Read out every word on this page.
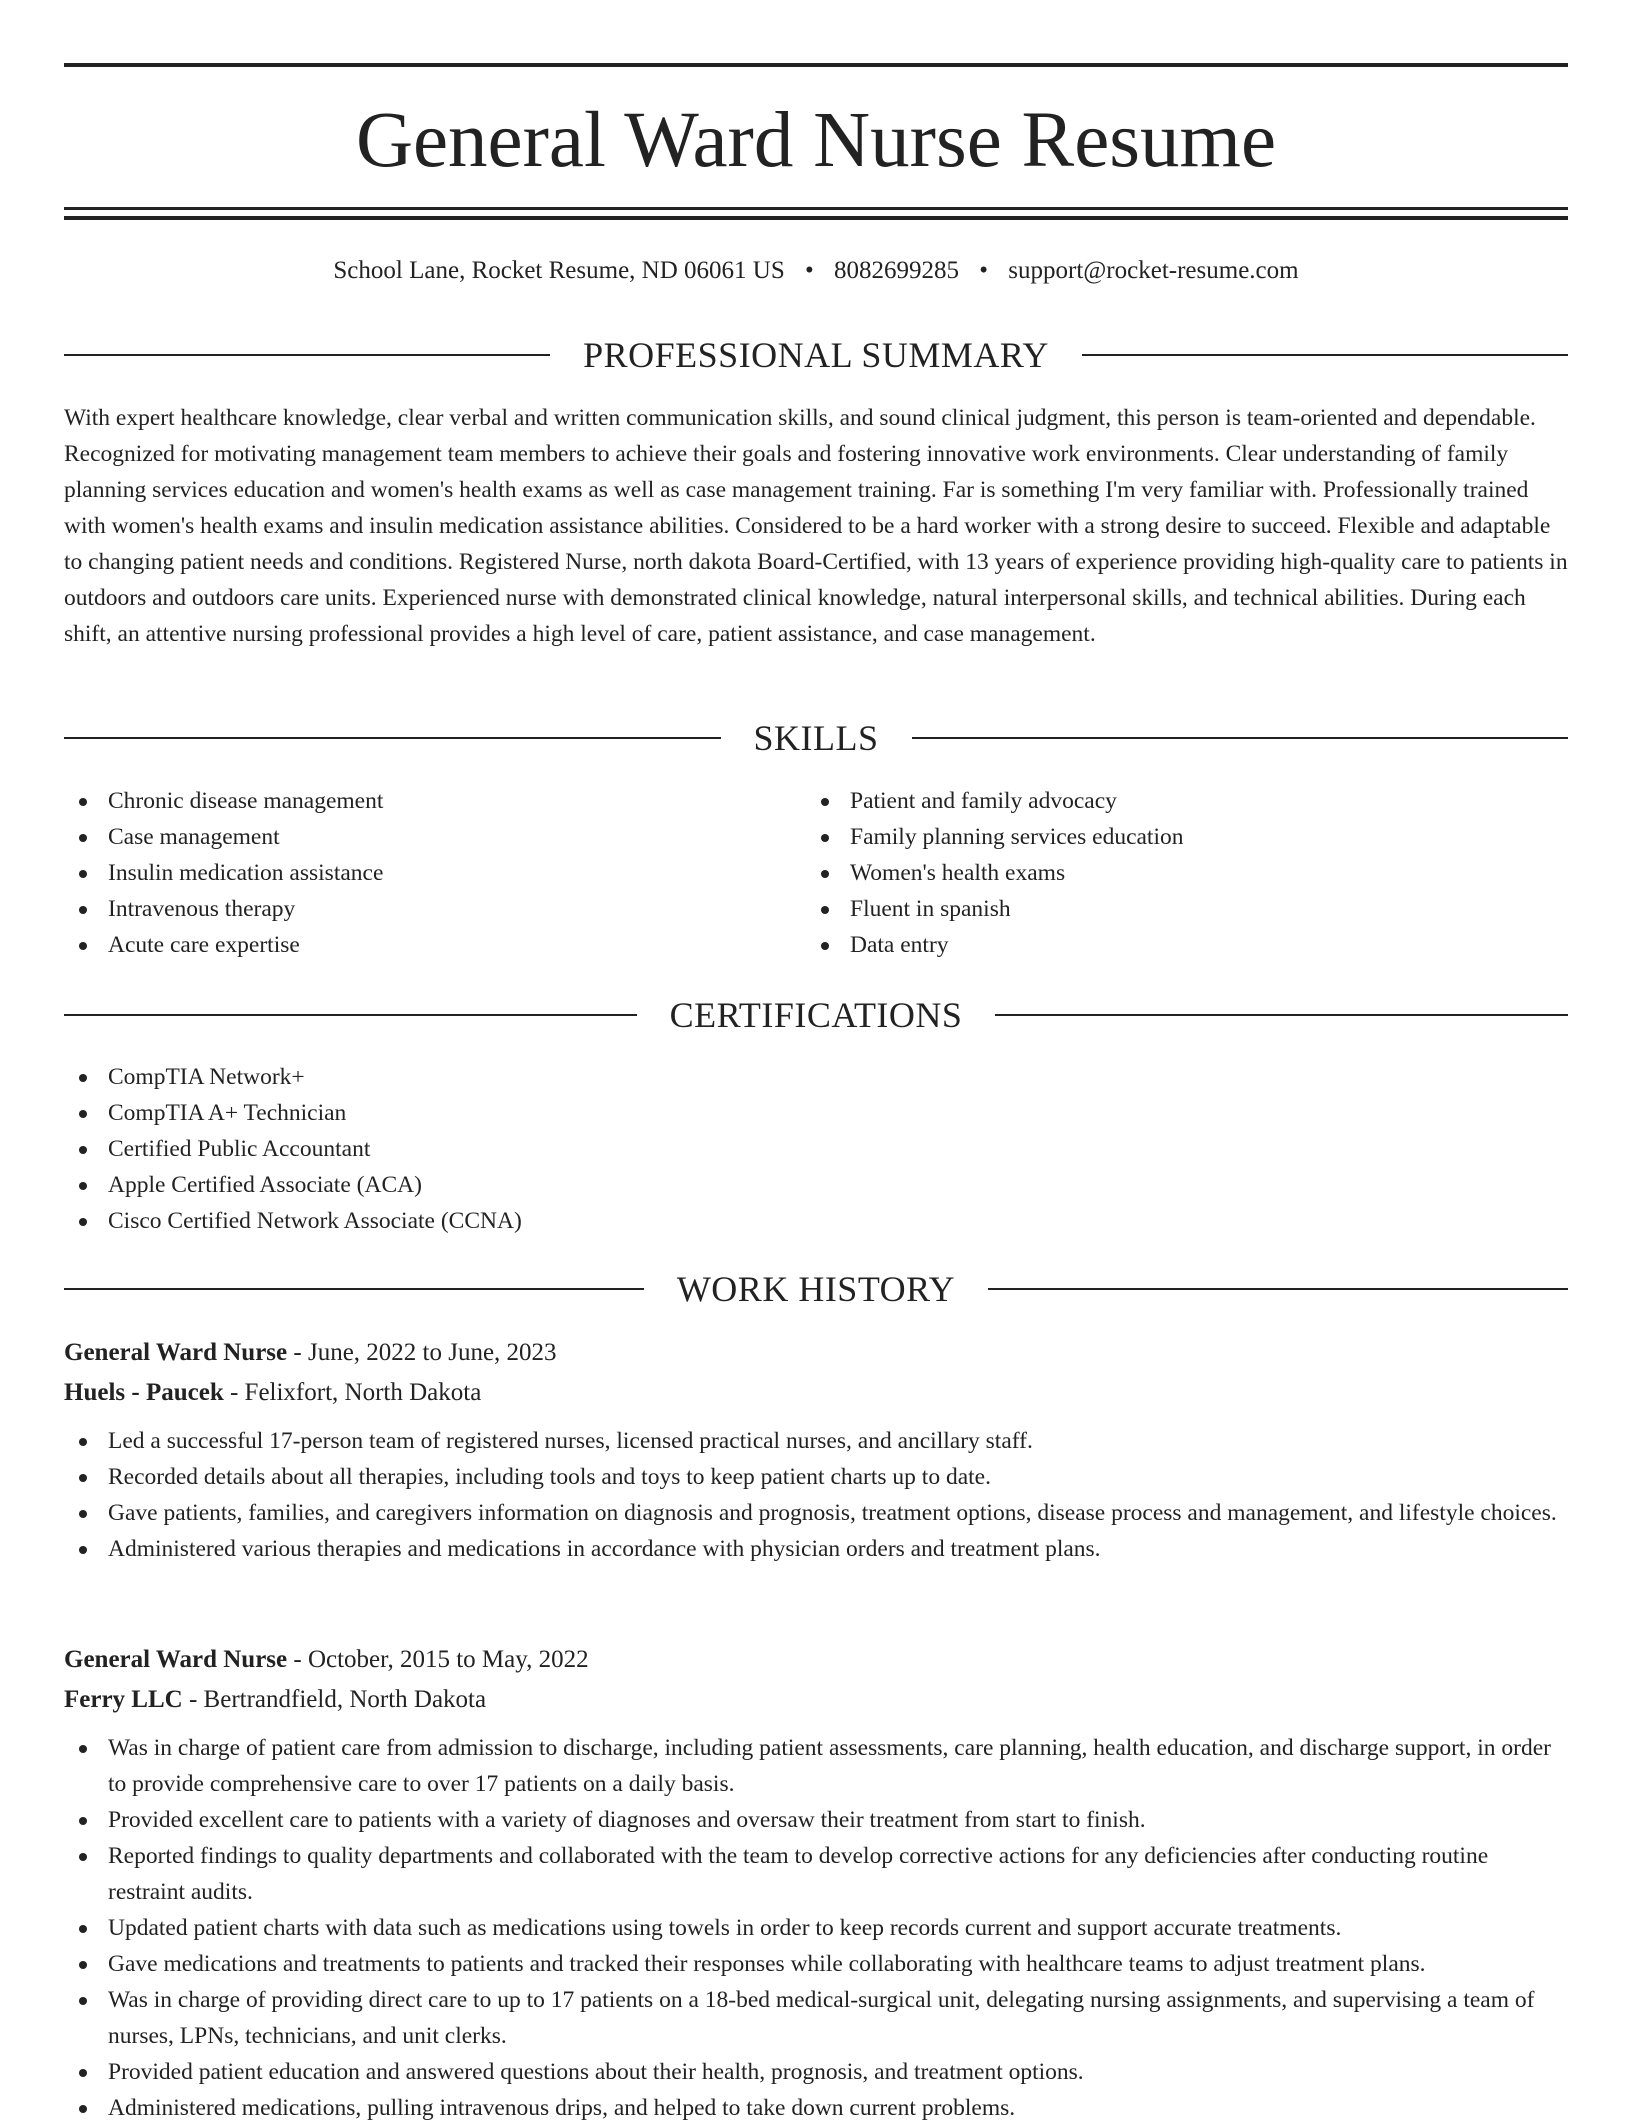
General Ward Nurse Resume
School Lane, Rocket Resume, ND 06061 US • 8082699285 • support@rocket-resume.com
PROFESSIONAL SUMMARY

With expert healthcare knowledge, clear verbal and written communication skills, and sound clinical judgment, this person is team-oriented and dependable. Recognized for motivating management team members to achieve their goals and fostering innovative work environments. Clear understanding of family planning services education and women's health exams as well as case management training. Far is something I'm very familiar with. Professionally trained with women's health exams and insulin medication assistance abilities. Considered to be a hard worker with a strong desire to succeed. Flexible and adaptable to changing patient needs and conditions. Registered Nurse, north dakota Board-Certified, with 13 years of experience providing high-quality care to patients in outdoors and outdoors care units. Experienced nurse with demonstrated clinical knowledge, natural interpersonal skills, and technical abilities. During each shift, an attentive nursing professional provides a high level of care, patient assistance, and case management.

SKILLS
Chronic disease management
Case management
Insulin medication assistance
Intravenous therapy
Acute care expertise
Patient and family advocacy
Family planning services education
Women's health exams
Fluent in spanish
Data entry
CERTIFICATIONS
CompTIA Network+
CompTIA A+ Technician
Certified Public Accountant
Apple Certified Associate (ACA)
Cisco Certified Network Associate (CCNA)
WORK HISTORY
General Ward Nurse - June, 2022 to June, 2023
Huels - Paucek - Felixfort, North Dakota
Led a successful 17-person team of registered nurses, licensed practical nurses, and ancillary staff.
Recorded details about all therapies, including tools and toys to keep patient charts up to date.
Gave patients, families, and caregivers information on diagnosis and prognosis, treatment options, disease process and management, and lifestyle choices.
Administered various therapies and medications in accordance with physician orders and treatment plans.
General Ward Nurse - October, 2015 to May, 2022
Ferry LLC - Bertrandfield, North Dakota
Was in charge of patient care from admission to discharge, including patient assessments, care planning, health education, and discharge support, in order to provide comprehensive care to over 17 patients on a daily basis.
Provided excellent care to patients with a variety of diagnoses and oversaw their treatment from start to finish.
Reported findings to quality departments and collaborated with the team to develop corrective actions for any deficiencies after conducting routine restraint audits.
Updated patient charts with data such as medications using towels in order to keep records current and support accurate treatments.
Gave medications and treatments to patients and tracked their responses while collaborating with healthcare teams to adjust treatment plans.
Was in charge of providing direct care to up to 17 patients on a 18-bed medical-surgical unit, delegating nursing assignments, and supervising a team of nurses, LPNs, technicians, and unit clerks.
Provided patient education and answered questions about their health, prognosis, and treatment options.
Administered medications, pulling intravenous drips, and helped to take down current problems.
